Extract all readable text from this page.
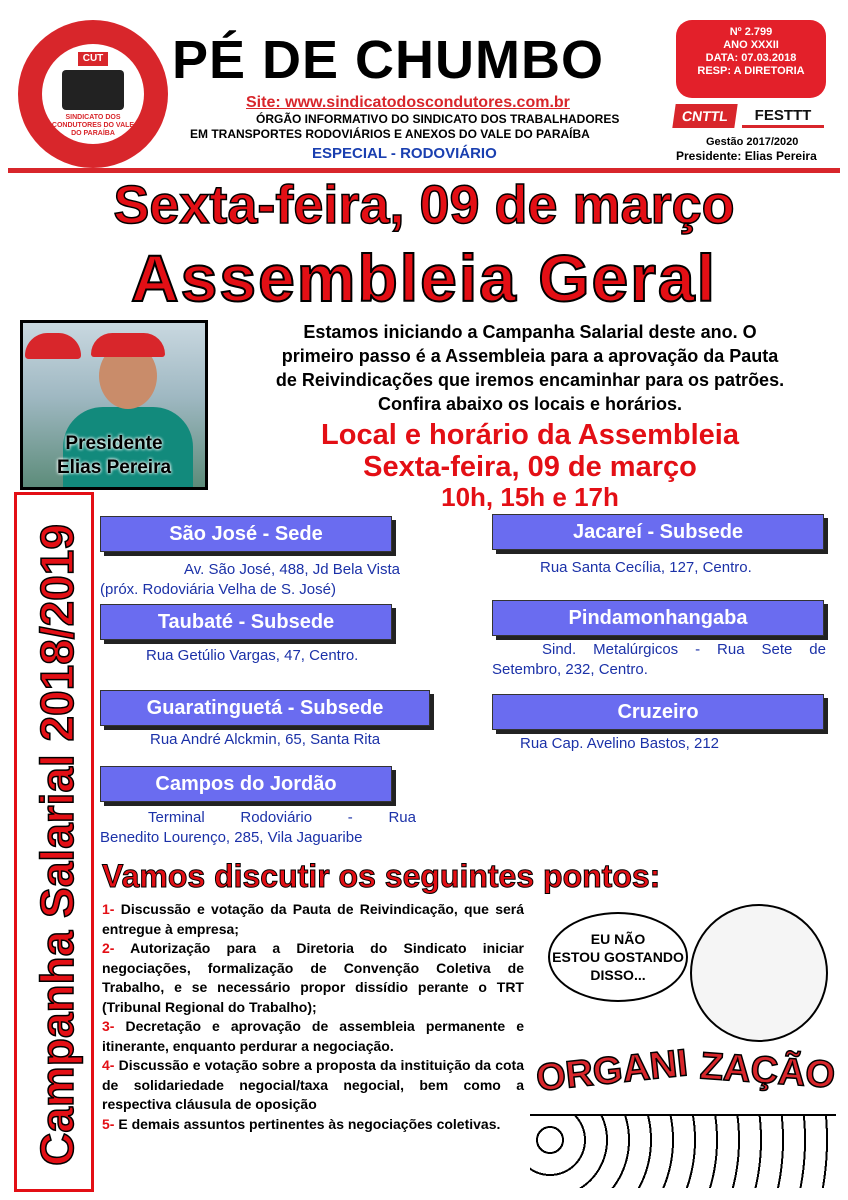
CUT
SINDICATO DOS CONDUTORES DO VALE DO PARAÍBA
PÉ DE CHUMBO
Site: www.sindicatodoscondutores.com.br
ÓRGÃO INFORMATIVO DO SINDICATO DOS TRABALHADORES
EM TRANSPORTES RODOVIÁRIOS E ANEXOS DO VALE DO PARAÍBA
ESPECIAL - RODOVIÁRIO
Nº 2.799
ANO XXXII
DATA: 07.03.2018
RESP: A DIRETORIA
CNTTL	FESTTT
Gestão 2017/2020
Presidente: Elias Pereira
Sexta-feira, 09 de março
Assembleia Geral
Presidente
Elias Pereira
Estamos iniciando a Campanha Salarial deste ano. O
primeiro passo é a Assembleia para a aprovação da Pauta
de Reivindicações que iremos encaminhar para os patrões.
Confira abaixo os locais e horários.
Local e horário da Assembleia
Sexta-feira, 09 de março
10h, 15h e 17h
Campanha Salarial 2018/2019	São José - Sede
Av. São José, 488, Jd Bela Vista
(próx. Rodoviária Velha de S. José)
Taubaté - Subsede
Rua Getúlio Vargas, 47, Centro.
Guaratinguetá - Subsede
Rua André Alckmin, 65, Santa Rita
Campos do Jordão
Terminal Rodoviário - Rua
Benedito Lourenço, 285, Vila Jaguaribe
Jacareí - Subsede
Rua Santa Cecília, 127, Centro.
Pindamonhangaba
Sind. Metalúrgicos - Rua Sete de
Setembro, 232, Centro.
Cruzeiro
Rua Cap. Avelino Bastos, 212
Vamos discutir os seguintes pontos:
1- Discussão e votação da Pauta de Reivindicação, que será entregue à empresa;
2- Autorização para a Diretoria do Sindicato iniciar negociações, formalização de Convenção Coletiva de Trabalho, e se necessário propor dissídio perante o TRT (Tribunal Regional do Trabalho);
3- Decretação e aprovação de assembleia permanente e itinerante, enquanto perdurar a negociação.
4- Discussão e votação sobre a proposta da instituição da cota de solidariedade negocial/taxa negocial, bem como a respectiva cláusula de oposição
5- E demais assuntos pertinentes às negociações coletivas.
EU NÃO
ESTOU GOSTANDO
DISSO...
ORGANI ZAÇÃO
